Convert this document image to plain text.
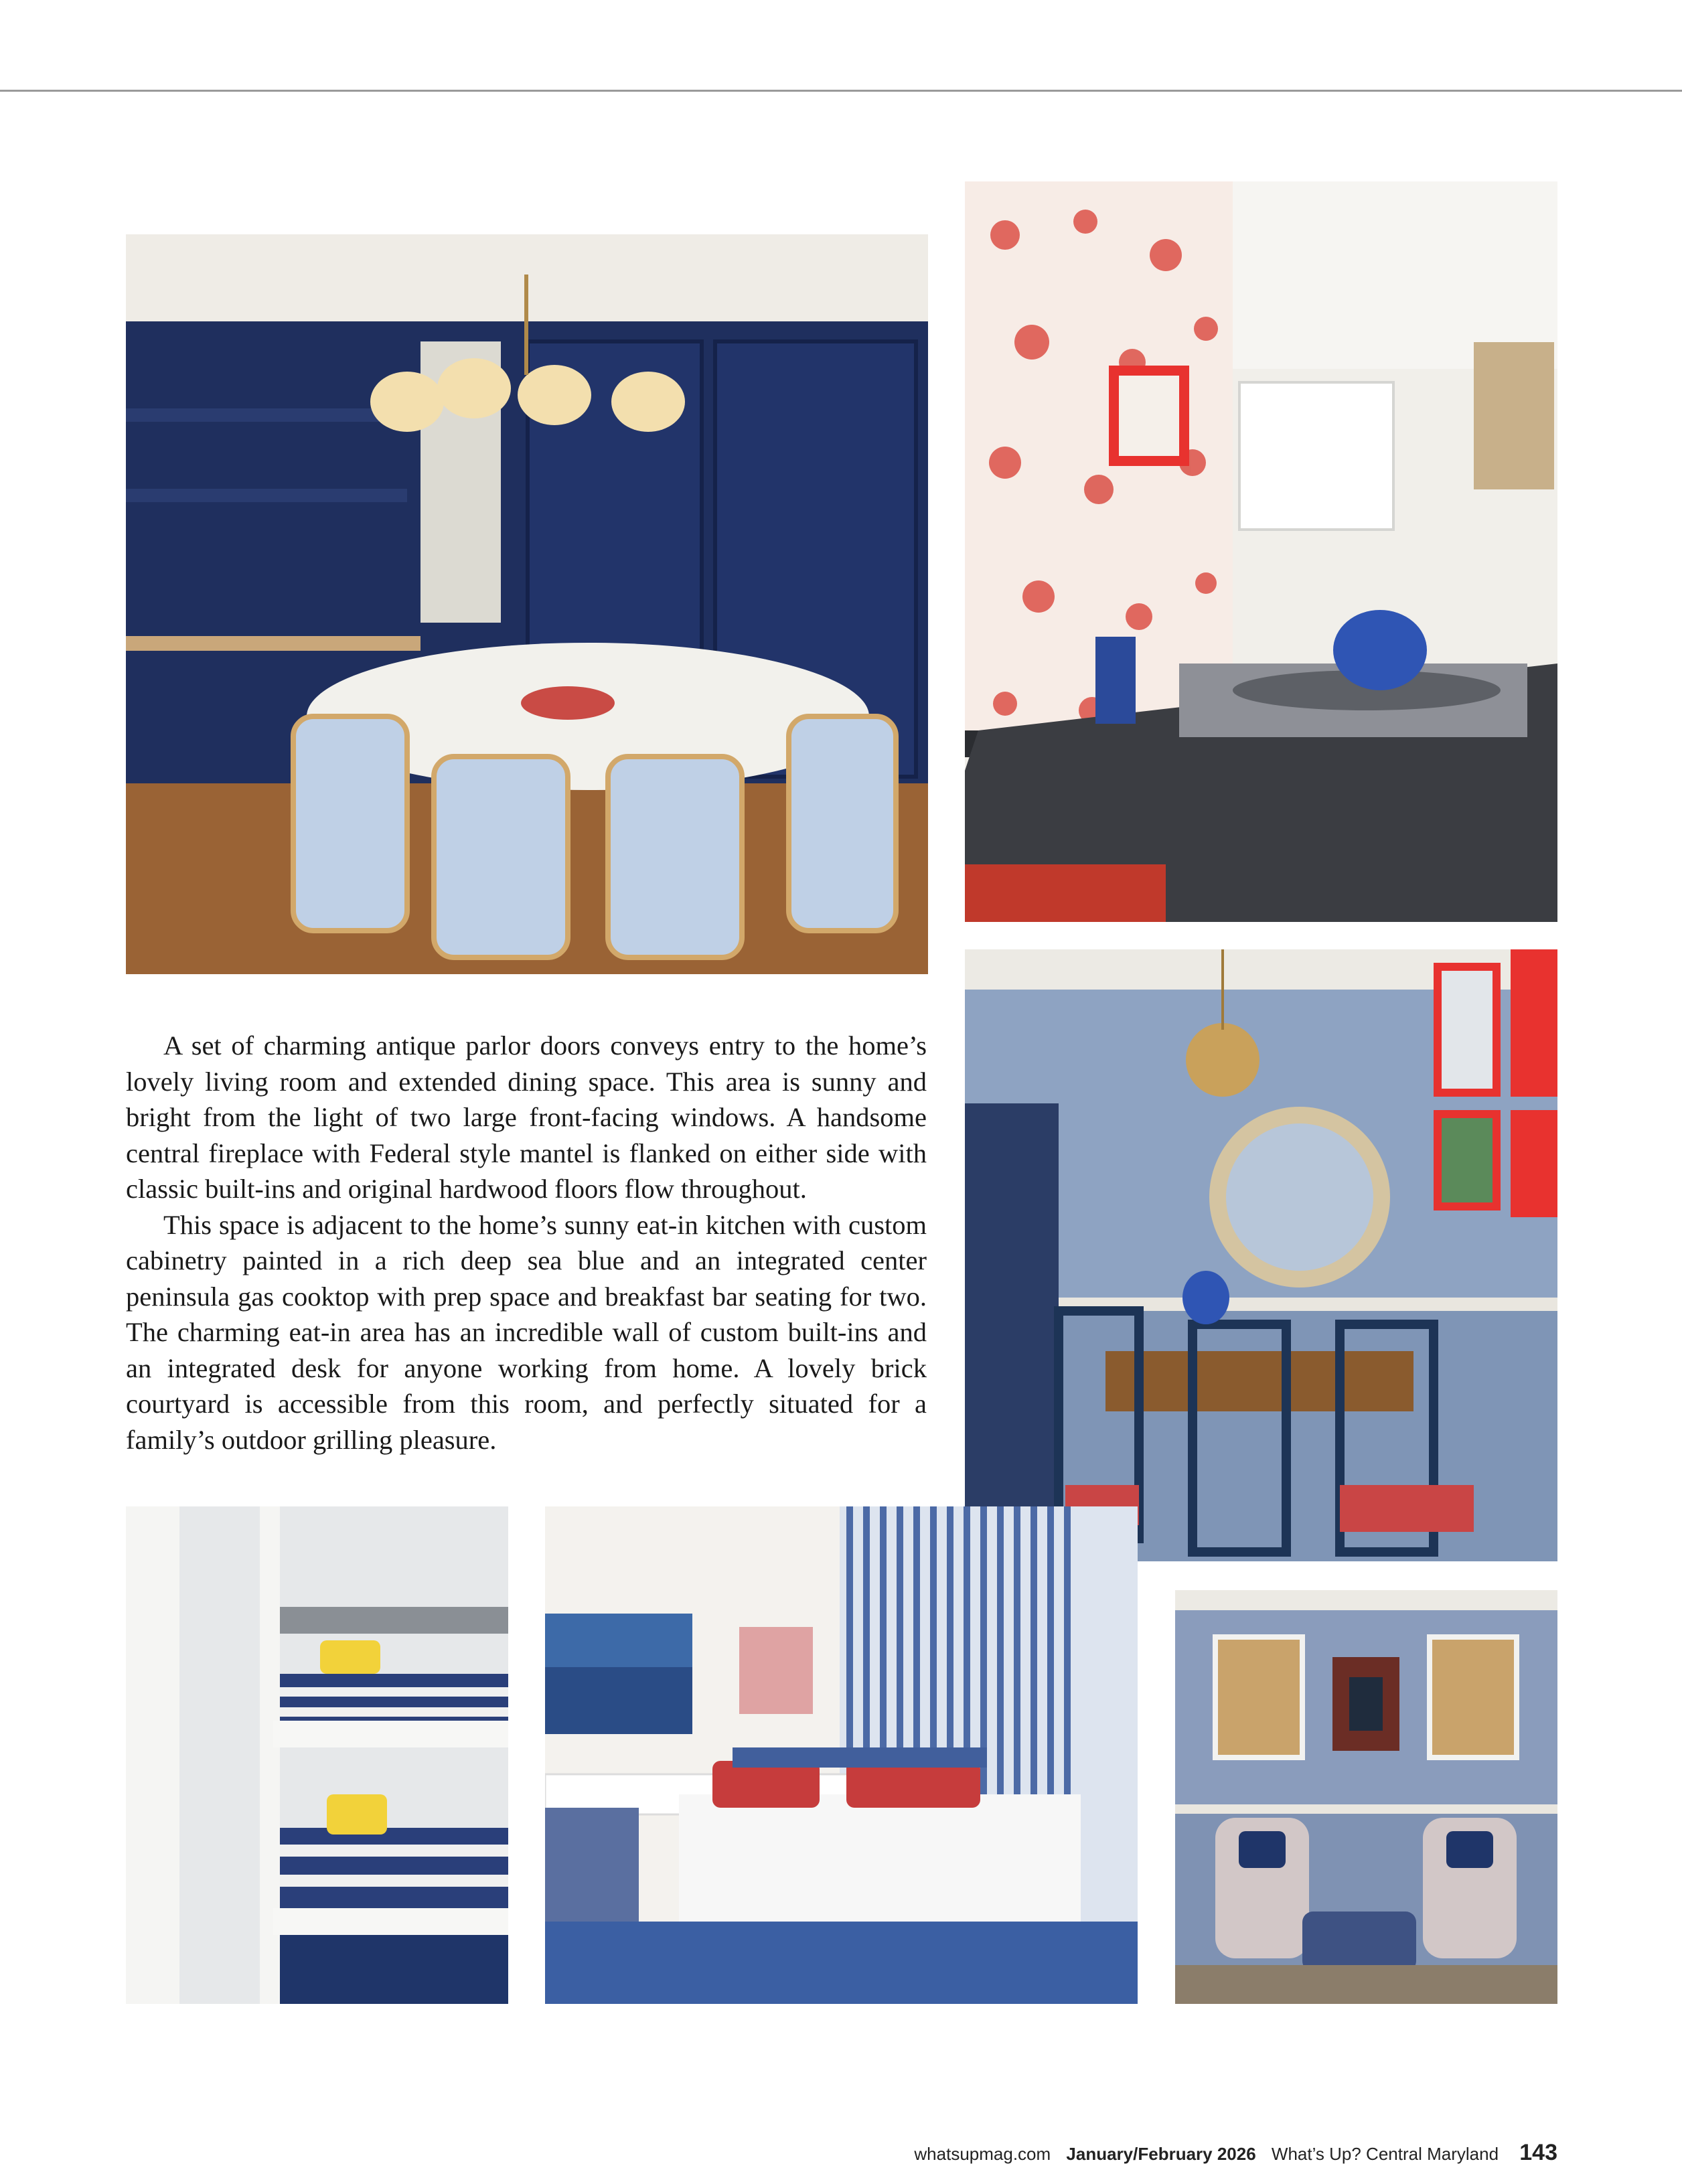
A set of charming antique parlor doors conveys entry to the home’s lovely living room and extended dining space. This area is sunny and bright from the light of two large front-facing windows. A handsome central fireplace with Federal style mantel is flanked on either side with classic built-ins and original hardwood floors flow throughout.

This space is adjacent to the home’s sunny eat-in kitchen with custom cabinetry painted in a rich deep sea blue and an integrated center peninsula gas cooktop with prep space and breakfast bar seating for two. The charming eat-in area has an incredible wall of custom built-ins and an integrated desk for anyone working from home. A lovely brick courtyard is accessible from this room, and perfectly situated for a family’s outdoor grilling pleasure.

whatsupmag.com January/February 2026 What’s Up? Central Maryland 143
